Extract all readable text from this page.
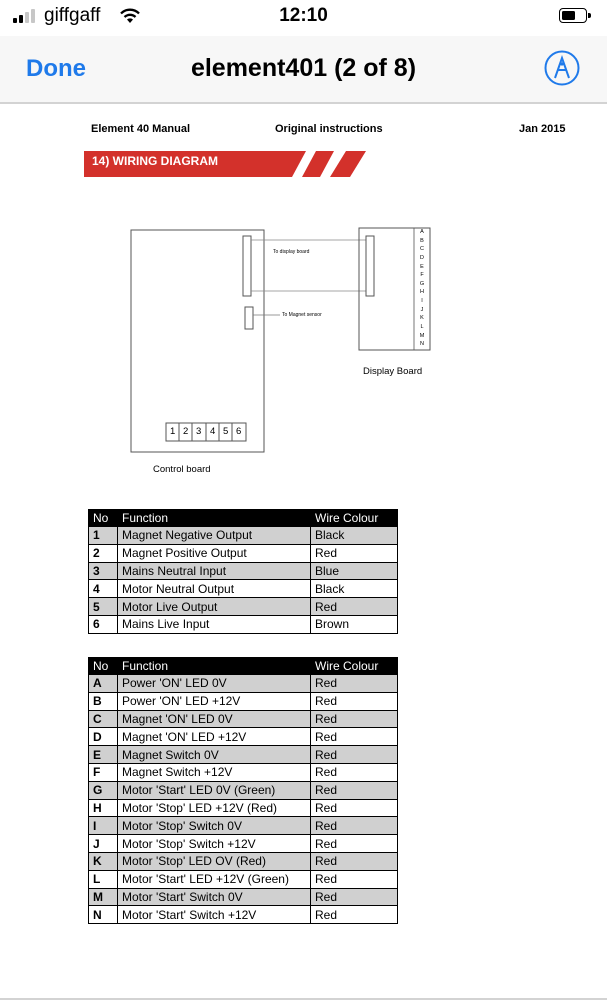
giffgaff	12:10
Done	element401 (2 of 8)
Element 40 Manual	Original instructions	Jan 2015
14) WIRING DIAGRAM
To display board
To Magnet sensor
Display Board
Control board
1 2 3 4 5 6
A
B
C
D
E
F
G
H
I
J
K
L
M
N
No	Function	Wire Colour
1	Magnet Negative Output	Black
2	Magnet Positive Output	Red
3	Mains Neutral Input	Blue
4	Motor Neutral Output	Black
5	Motor Live Output	Red
6	Mains Live Input	Brown
No	Function	Wire Colour
A	Power 'ON' LED 0V	Red
B	Power 'ON' LED +12V	Red
C	Magnet 'ON' LED 0V	Red
D	Magnet 'ON' LED +12V	Red
E	Magnet Switch 0V	Red
F	Magnet Switch +12V	Red
G	Motor 'Start' LED 0V (Green)	Red
H	Motor 'Stop' LED +12V (Red)	Red
I	Motor 'Stop' Switch 0V	Red
J	Motor 'Stop' Switch +12V	Red
K	Motor 'Stop' LED OV (Red)	Red
L	Motor 'Start' LED +12V (Green)	Red
M	Motor 'Start' Switch 0V	Red
N	Motor 'Start' Switch +12V	Red
